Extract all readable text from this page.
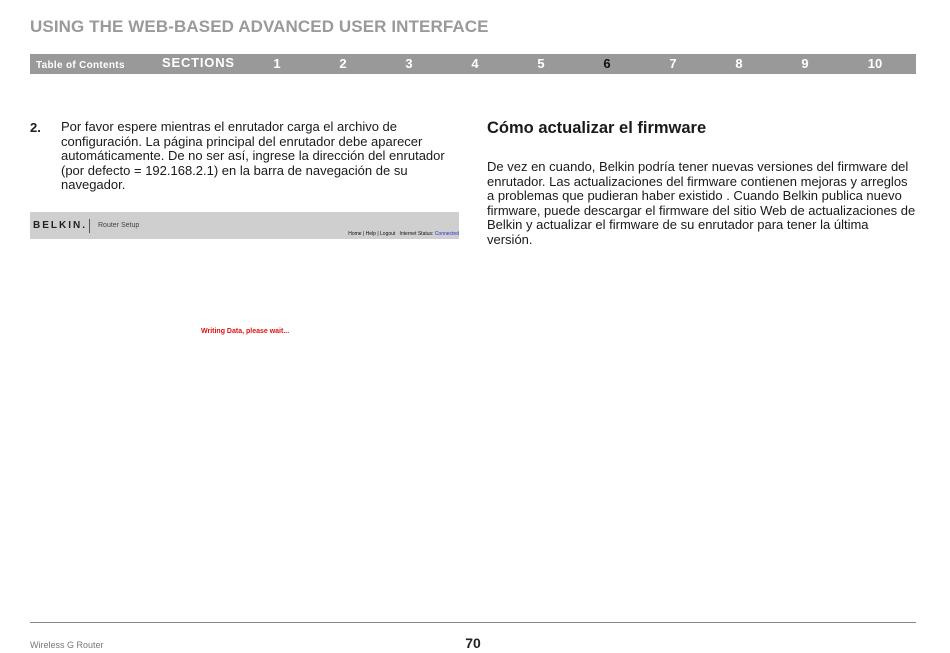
USING THE WEB-BASED ADVANCED USER INTERFACE
Table of Contents	SECTIONS	1	2	3	4	5	6	7	8	9	10
2. Por favor espere mientras el enrutador carga el archivo de configuración. La página principal del enrutador debe aparecer automáticamente. De no ser así, ingrese la dirección del enrutador (por defecto = 192.168.2.1) en la barra de navegación de su navegador.
BELKIN. Router Setup
Home | Help | Logout Internet Status: Connected
Writing Data, please wait...
Cómo actualizar el firmware
De vez en cuando, Belkin podría tener nuevas versiones del firmware del enrutador. Las actualizaciones del firmware contienen mejoras y arreglos a problemas que pudieran haber existido . Cuando Belkin publica nuevo firmware, puede descargar el firmware del sitio Web de actualizaciones de Belkin y actualizar el firmware de su enrutador para tener la última versión.
Wireless G Router	70
